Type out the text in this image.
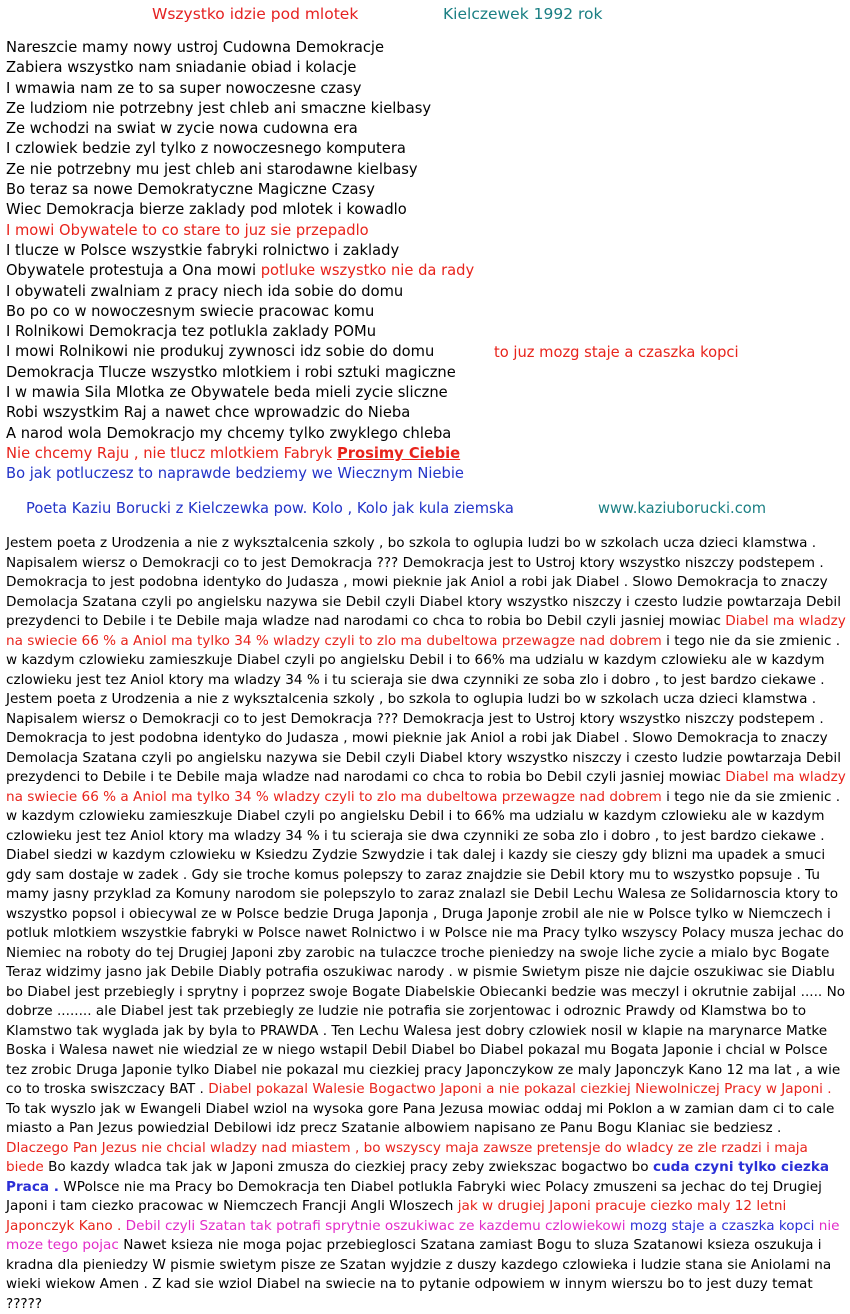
Wszystko idzie pod mlotek	Kielczewek 1992 rok
Nareszcie mamy nowy ustroj Cudowna Demokracje
Zabiera wszystko nam sniadanie obiad i kolacje
I wmawia nam ze to sa super nowoczesne czasy
Ze ludziom nie potrzebny jest chleb ani smaczne kielbasy
Ze wchodzi na swiat w zycie nowa cudowna era
I czlowiek bedzie zyl tylko z nowoczesnego komputera
Ze nie potrzebny mu jest chleb ani starodawne kielbasy
Bo teraz sa nowe Demokratyczne Magiczne Czasy
Wiec Demokracja bierze zaklady pod mlotek i kowadlo
I mowi Obywatele to co stare to juz sie przepadlo
I tlucze w Polsce wszystkie fabryki rolnictwo i zaklady
Obywatele protestuja a Ona mowi potluke wszystko nie da rady
I obywateli zwalniam z pracy niech ida sobie do domu
Bo po co w nowoczesnym swiecie pracowac komu
I Rolnikowi Demokracja tez potlukla zaklady POMu
I mowi Rolnikowi nie produkuj zywnosci idz sobie do domu
Demokracja Tlucze wszystko mlotkiem i robi sztuki magiczne
I w mawia Sila Mlotka ze Obywatele beda mieli zycie sliczne
Robi wszystkim Raj a nawet chce wprowadzic do Nieba
A narod wola Demokracjo my chcemy tylko zwyklego chleba
Nie chcemy Raju , nie tlucz mlotkiem Fabryk Prosimy Ciebie
Bo jak potluczesz to naprawde bedziemy we Wiecznym Niebie
to juz mozg staje a czaszka kopci
Poeta Kaziu Borucki z Kielczewka pow. Kolo , Kolo jak kula ziemska	www.kaziuborucki.com
Jestem poeta z Urodzenia a nie z wyksztalcenia szkoly , bo szkola to oglupia ludzi bo w szkolach ucza dzieci klamstwa . Napisalem wiersz o Demokracji co to jest Demokracja ??? Demokracja jest to Ustroj ktory wszystko niszczy podstepem . Demokracja to jest podobna identyko do Judasza , mowi pieknie jak Aniol a robi jak Diabel . Slowo Demokracja to znaczy Demolacja Szatana czyli po angielsku nazywa sie Debil czyli Diabel ktory wszystko niszczy i czesto ludzie powtarzaja Debil prezydenci to Debile i te Debile maja wladze nad narodami co chca to robia bo Debil czyli jasniej mowiac Diabel ma wladzy na swiecie 66 % a Aniol ma tylko 34 % wladzy czyli to zlo ma dubeltowa przewagze nad dobrem i tego nie da sie zmienic . w kazdym czlowieku zamieszkuje Diabel czyli po angielsku Debil i to 66% ma udzialu w kazdym czlowieku ale w kazdym czlowieku jest tez Aniol ktory ma wladzy 34 % i tu scieraja sie dwa czynniki ze soba zlo i dobro , to jest bardzo ciekawe .
Jestem poeta z Urodzenia a nie z wyksztalcenia szkoly , bo szkola to oglupia ludzi bo w szkolach ucza dzieci klamstwa . Napisalem wiersz o Demokracji co to jest Demokracja ??? Demokracja jest to Ustroj ktory wszystko niszczy podstepem . Demokracja to jest podobna identyko do Judasza , mowi pieknie jak Aniol a robi jak Diabel . Slowo Demokracja to znaczy Demolacja Szatana czyli po angielsku nazywa sie Debil czyli Diabel ktory wszystko niszczy i czesto ludzie powtarzaja Debil prezydenci to Debile i te Debile maja wladze nad narodami co chca to robia bo Debil czyli jasniej mowiac Diabel ma wladzy na swiecie 66 % a Aniol ma tylko 34 % wladzy czyli to zlo ma dubeltowa przewagze nad dobrem i tego nie da sie zmienic . w kazdym czlowieku zamieszkuje Diabel czyli po angielsku Debil i to 66% ma udzialu w kazdym czlowieku ale w kazdym czlowieku jest tez Aniol ktory ma wladzy 34 % i tu scieraja sie dwa czynniki ze soba zlo i dobro , to jest bardzo ciekawe . Diabel siedzi w kazdym czlowieku w Ksiedzu Zydzie Szwydzie i tak dalej i kazdy sie cieszy gdy blizni ma upadek a smuci gdy sam dostaje w zadek . Gdy sie troche komus polepszy to zaraz znajdzie sie Debil ktory mu to wszystko popsuje . Tu mamy jasny przyklad za Komuny narodom sie polepszylo to zaraz znalazl sie Debil Lechu Walesa ze Solidarnoscia ktory to wszystko popsol i obiecywal ze w Polsce bedzie Druga Japonja , Druga Japonje zrobil ale nie w Polsce tylko w Niemczech i potluk mlotkiem wszystkie fabryki w Polsce nawet Rolnictwo i w Polsce nie ma Pracy tylko wszyscy Polacy musza jechac do Niemiec na roboty do tej Drugiej Japoni zby zarobic na tulaczce troche pieniedzy na swoje liche zycie a mialo byc Bogate Teraz widzimy jasno jak Debile Diably potrafia oszukiwac narody . w pismie Swietym pisze nie dajcie oszukiwac sie Diablu bo Diabel jest przebiegly i sprytny i poprzez swoje Bogate Diabelskie Obiecanki bedzie was meczyl i okrutnie zabijal ..... No dobrze ........ ale Diabel jest tak przebiegly ze ludzie nie potrafia sie zorjentowac i odroznic Prawdy od Klamstwa bo to Klamstwo tak wyglada jak by byla to PRAWDA . Ten Lechu Walesa jest dobry czlowiek nosil w klapie na marynarce Matke Boska i Walesa nawet nie wiedzial ze w niego wstapil Debil Diabel bo Diabel pokazal mu Bogata Japonie i chcial w Polsce tez zrobic Druga Japonie tylko Diabel nie pokazal mu ciezkiej pracy Japonczykow ze maly Japonczyk Kano 12 ma lat , a wie co to troska swiszczacy BAT . Diabel pokazal Walesie Bogactwo Japoni a nie pokazal ciezkiej Niewolniczej Pracy w Japoni . To tak wyszlo jak w Ewangeli Diabel wziol na wysoka gore Pana Jezusa mowiac oddaj mi Poklon a w zamian dam ci to cale miasto a Pan Jezus powiedzial Debilowi idz precz Szatanie albowiem napisano ze Panu Bogu Klaniac sie bedziesz . Dlaczego Pan Jezus nie chcial wladzy nad miastem , bo wszyscy maja zawsze pretensje do wladcy ze zle rzadzi i maja biede Bo kazdy wladca tak jak w Japoni zmusza do ciezkiej pracy zeby zwiekszac bogactwo bo cuda czyni tylko ciezka Praca . WPolsce nie ma Pracy bo Demokracja ten Diabel potlukla Fabryki wiec Polacy zmuszeni sa jechac do tej Drugiej Japoni i tam ciezko pracowac w Niemczech Francji Angli Wloszech jak w drugiej Japoni pracuje ciezko maly 12 letni Japonczyk Kano . Debil czyli Szatan tak potrafi sprytnie oszukiwac ze kazdemu czlowiekowi mozg staje a czaszka kopci nie moze tego pojac Nawet ksieza nie moga pojac przebieglosci Szatana zamiast Bogu to sluza Szatanowi ksieza oszukuja i kradna dla pieniedzy W pismie swietym pisze ze Szatan wyjdzie z duszy kazdego czlowieka i ludzie stana sie Aniolami na wieki wiekow Amen . Z kad sie wziol Diabel na swiecie na to pytanie odpowiem w innym wierszu bo to jest duzy temat ?????
